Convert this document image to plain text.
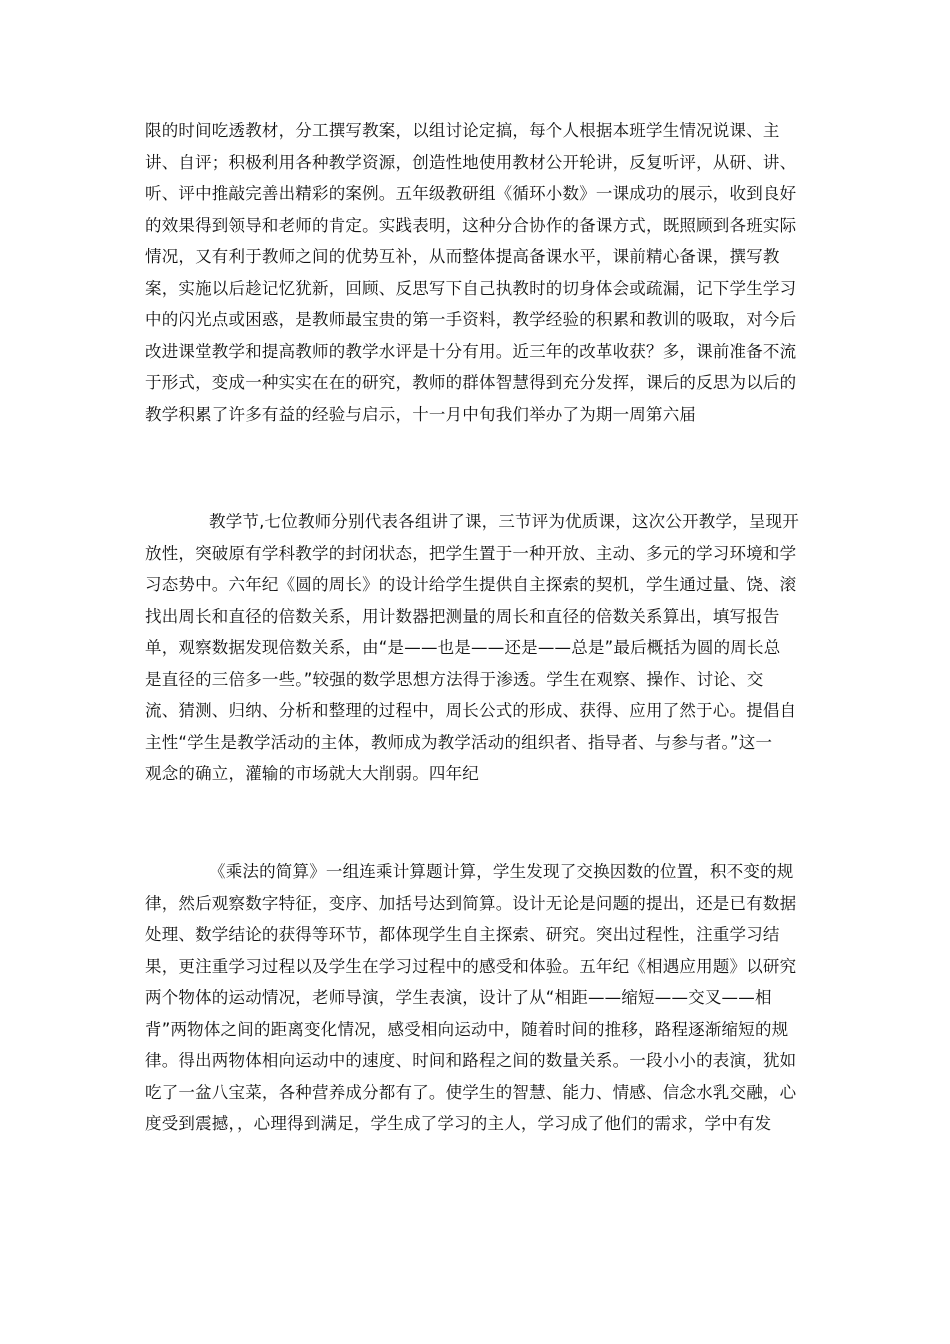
限的时间吃透教材，分工撰写教案，以组讨论定搞，每个人根据本班学生情况说课、主
讲、自评；积极利用各种教学资源，创造性地使用教材公开轮讲，反复听评，从研、讲、
听、评中推敲完善出精彩的案例。五年级教研组《循环小数》一课成功的展示，收到良好
的效果得到领导和老师的肯定。实践表明，这种分合协作的备课方式，既照顾到各班实际
情况，又有利于教师之间的优势互补，从而整体提高备课水平，课前精心备课，撰写教
案，实施以后趁记忆犹新，回顾、反思写下自己执教时的切身体会或疏漏，记下学生学习
中的闪光点或困惑，是教师最宝贵的第一手资料，教学经验的积累和教训的吸取，对今后
改进课堂教学和提高教师的教学水评是十分有用。近三年的改革收获？多，课前准备不流
于形式，变成一种实实在在的研究，教师的群体智慧得到充分发挥，课后的反思为以后的
教学积累了许多有益的经验与启示，十一月中旬我们举办了为期一周第六届
教学节,七位教师分别代表各组讲了课，三节评为优质课，这次公开教学，呈现开
放性，突破原有学科教学的封闭状态，把学生置于一种开放、主动、多元的学习环境和学
习态势中。六年纪《圆的周长》的设计给学生提供自主探索的契机，学生通过量、饶、滚
找出周长和直径的倍数关系，用计数器把测量的周长和直径的倍数关系算出，填写报告
单，观察数据发现倍数关系，由“是——也是——还是——总是”最后概括为圆的周长总
是直径的三倍多一些。”较强的数学思想方法得于渗透。学生在观察、操作、讨论、交
流、猜测、归纳、分析和整理的过程中，周长公式的形成、获得、应用了然于心。提倡自
主性“学生是教学活动的主体，教师成为教学活动的组织者、指导者、与参与者。”这一
观念的确立，灌输的市场就大大削弱。四年纪
《乘法的简算》一组连乘计算题计算，学生发现了交换因数的位置，积不变的规
律，然后观察数字特征，变序、加括号达到简算。设计无论是问题的提出，还是已有数据
处理、数学结论的获得等环节，都体现学生自主探索、研究。突出过程性，注重学习结
果，更注重学习过程以及学生在学习过程中的感受和体验。五年纪《相遇应用题》以研究
两个物体的运动情况，老师导演，学生表演，设计了从“相距——缩短——交叉——相
背”两物体之间的距离变化情况，感受相向运动中，随着时间的推移，路程逐渐缩短的规
律。得出两物体相向运动中的速度、时间和路程之间的数量关系。一段小小的表演，犹如
吃了一盆八宝菜，各种营养成分都有了。使学生的智慧、能力、情感、信念水乳交融，心
度受到震撼，，心理得到满足，学生成了学习的主人，学习成了他们的需求，学中有发
